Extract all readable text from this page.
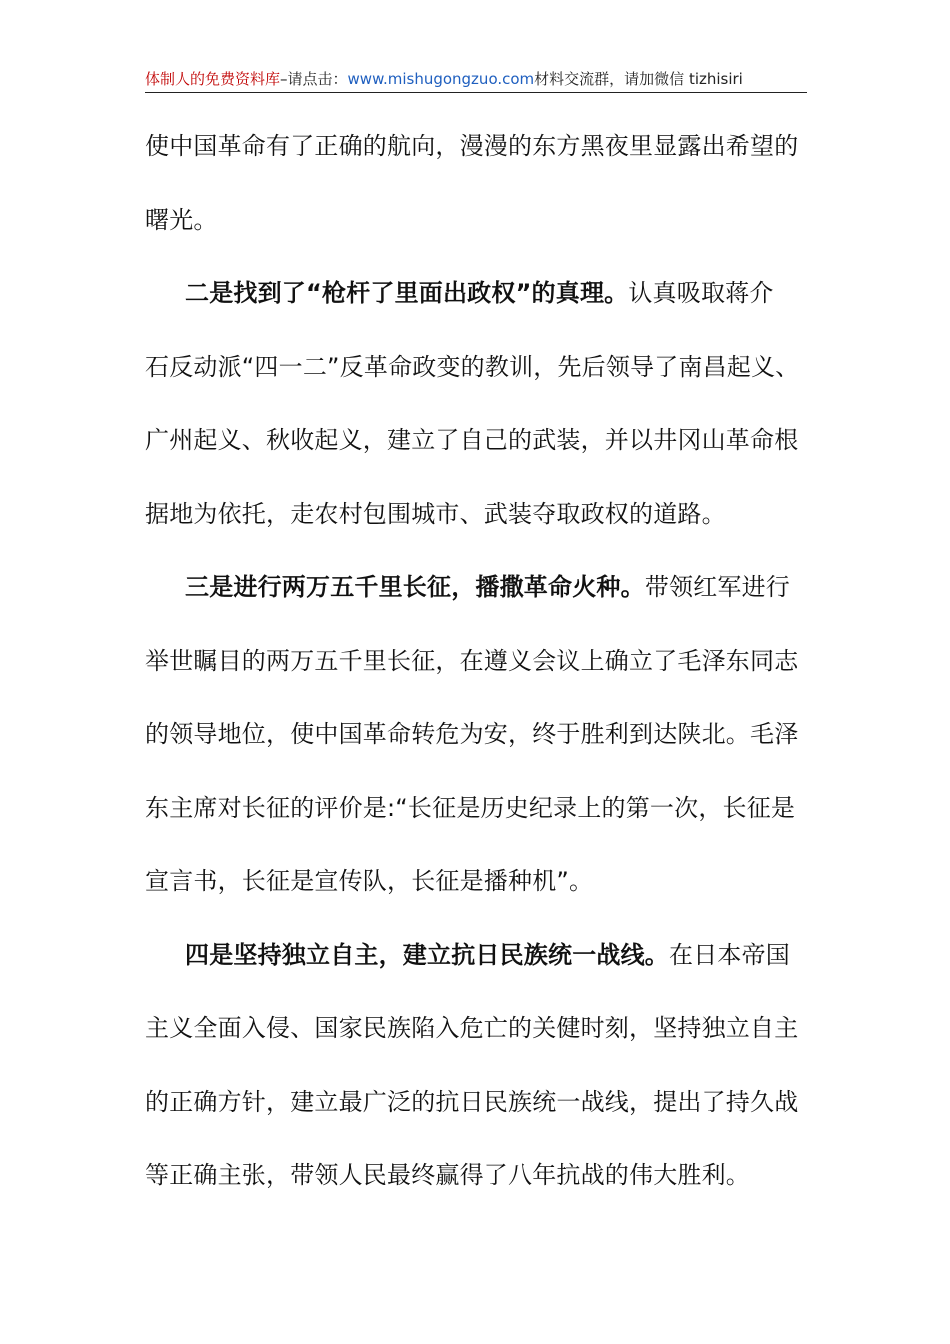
体制人的免费资料库–请点击：www.mishugongzuo.com材料交流群，请加微信 tizhisiri
使中国革命有了正确的航向，漫漫的东方黑夜里显露出希望的
曙光。
二是找到了“枪杆了里面出政权”的真理。认真吸取蒋介
石反动派“四一二”反革命政变的教训，先后领导了南昌起义、
广州起义、秋收起义，建立了自己的武装，并以井冈山革命根
据地为依托，走农村包围城市、武装夺取政权的道路。
三是进行两万五千里长征，播撒革命火种。带领红军进行
举世瞩目的两万五千里长征，在遵义会议上确立了毛泽东同志
的领导地位，使中国革命转危为安，终于胜利到达陕北。毛泽
东主席对长征的评价是:“长征是历史纪录上的第一次，长征是
宣言书，长征是宣传队，长征是播种机”。
四是坚持独立自主，建立抗日民族统一战线。在日本帝国
主义全面入侵、国家民族陷入危亡的关健时刻，坚持独立自主
的正确方针，建立最广泛的抗日民族统一战线，提出了持久战
等正确主张，带领人民最终赢得了八年抗战的伟大胜利。
